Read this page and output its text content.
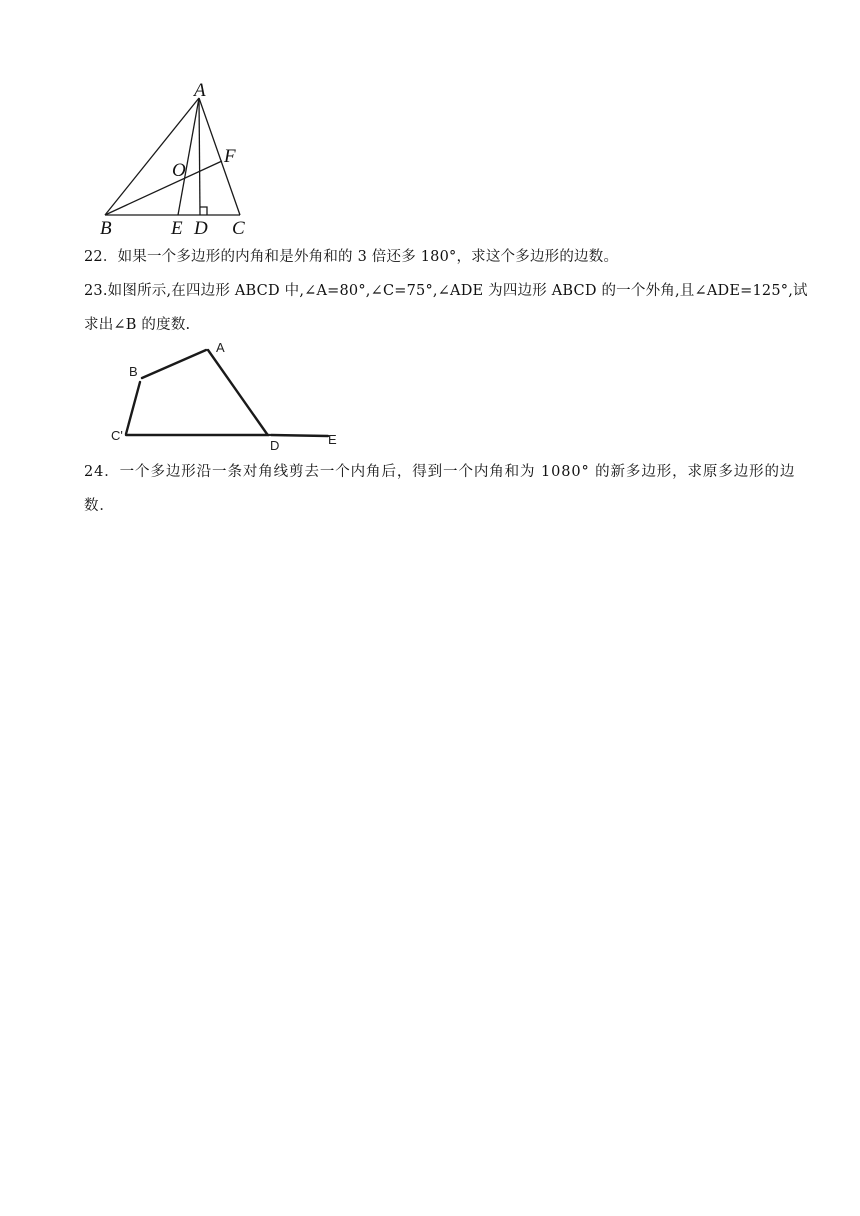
A
O
F
B	E D C
22．如果一个多边形的内角和是外角和的 3 倍还多 180°，求这个多边形的边数。
23.如图所示,在四边形 ABCD 中,∠A=80°,∠C=75°,∠ADE 为四边形 ABCD 的一个外角,且∠ADE=125°,试求出∠B 的度数.
A
B
C'
D	E
24．一个多边形沿一条对角线剪去一个内角后，得到一个内角和为 1080° 的新多边形，求原多边形的边数．
